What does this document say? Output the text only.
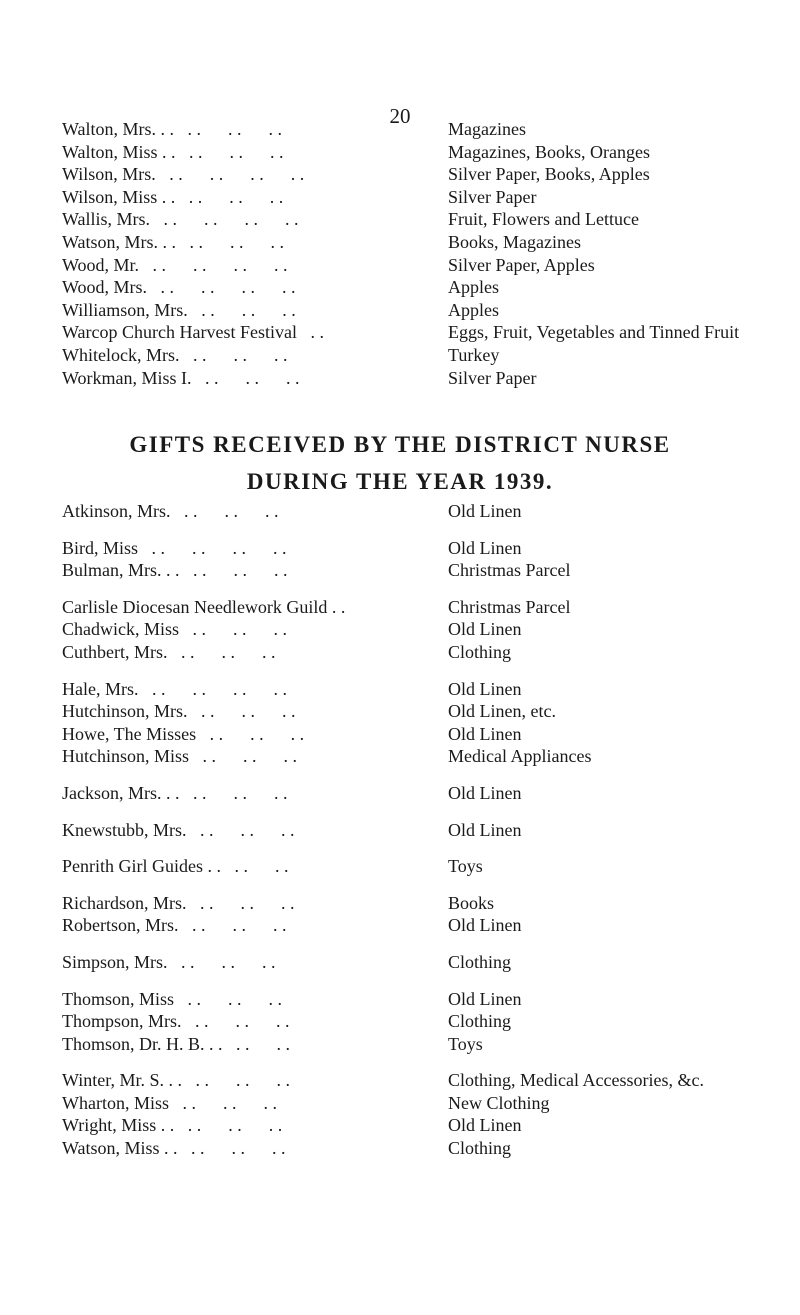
20
Walton, Mrs. . .   . .      . .      . .	Magazines
Walton, Miss . .   . .      . .      . .	Magazines, Books, Oranges
Wilson, Mrs.   . .      . .      . .      . .	Silver Paper, Books, Apples
Wilson, Miss . .   . .      . .      . .	Silver Paper
Wallis, Mrs.   . .      . .      . .      . .	Fruit, Flowers and Lettuce
Watson, Mrs. . .   . .      . .      . .	Books, Magazines
Wood, Mr.   . .      . .      . .      . .	Silver Paper, Apples
Wood, Mrs.   . .      . .      . .      . .	Apples
Williamson, Mrs.   . .      . .      . .	Apples
Warcop Church Harvest Festival   . .	Eggs, Fruit, Vegetables and Tinned Fruit
Whitelock, Mrs.   . .      . .      . .	Turkey
Workman, Miss I.   . .      . .      . .	Silver Paper
GIFTS RECEIVED BY THE DISTRICT NURSE
DURING THE YEAR 1939.
Atkinson, Mrs.   . .      . .      . .	Old Linen
Bird, Miss   . .      . .      . .      . .	Old Linen
Bulman, Mrs. . .   . .      . .      . .	Christmas Parcel
Carlisle Diocesan Needlework Guild . .	Christmas Parcel
Chadwick, Miss   . .      . .      . .	Old Linen
Cuthbert, Mrs.   . .      . .      . .	Clothing
Hale, Mrs.   . .      . .      . .      . .	Old Linen
Hutchinson, Mrs.   . .      . .      . .	Old Linen, etc.
Howe, The Misses   . .      . .      . .	Old Linen
Hutchinson, Miss   . .      . .      . .	Medical Appliances
Jackson, Mrs. . .   . .      . .      . .	Old Linen
Knewstubb, Mrs.   . .      . .      . .	Old Linen
Penrith Girl Guides . .   . .      . .	Toys
Richardson, Mrs.   . .      . .      . .	Books
Robertson, Mrs.   . .      . .      . .	Old Linen
Simpson, Mrs.   . .      . .      . .	Clothing
Thomson, Miss   . .      . .      . .	Old Linen
Thompson, Mrs.   . .      . .      . .	Clothing
Thomson, Dr. H. B. . .   . .      . .	Toys
Winter, Mr. S. . .   . .      . .      . .	Clothing, Medical Accessories, &c.
Wharton, Miss   . .      . .      . .	New Clothing
Wright, Miss . .   . .      . .      . .	Old Linen
Watson, Miss . .   . .      . .      . .	Clothing
